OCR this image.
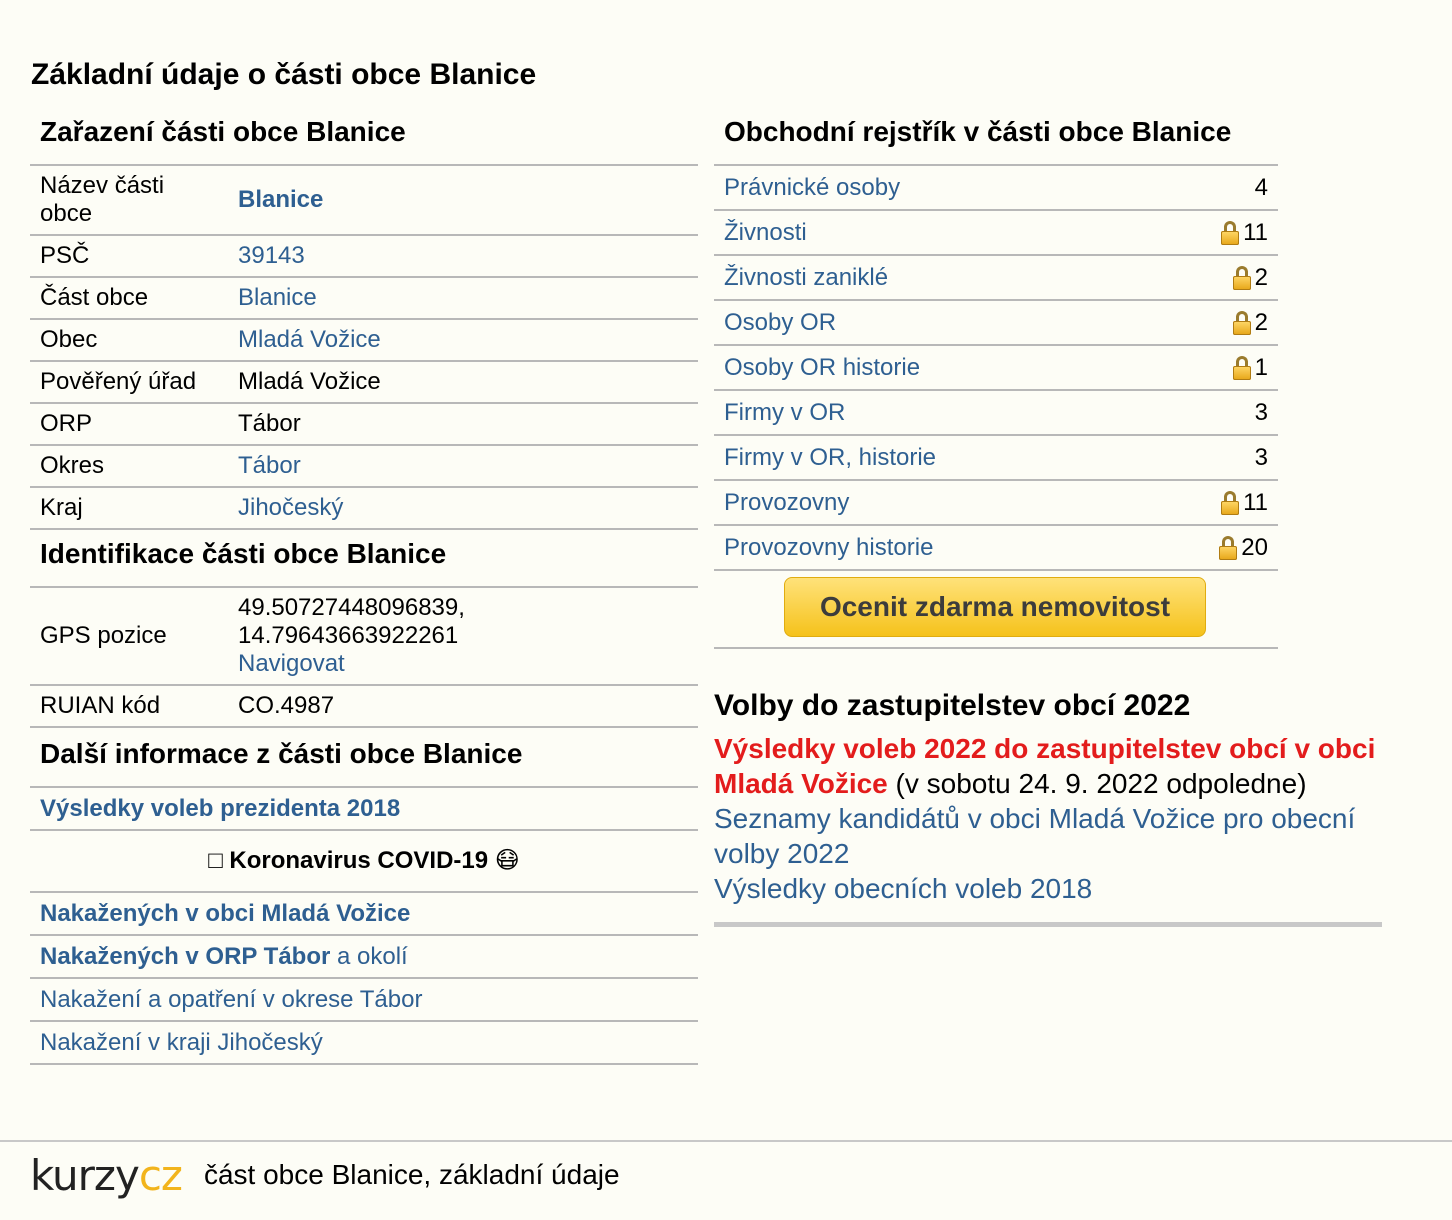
Základní údaje o části obce Blanice
Zařazení části obce Blanice
Název části obce	Blanice
PSČ	39143
Část obce	Blanice
Obec	Mladá Vožice
Pověřený úřad	Mladá Vožice
ORP	Tábor
Okres	Tábor
Kraj	Jihočeský
Identifikace části obce Blanice
GPS pozice	49.50727448096839,
14.79643663922261
Navigovat
RUIAN kód	CO.4987
Další informace z části obce Blanice
Výsledky voleb prezidenta 2018
□ Koronavirus COVID-19 😷
Nakažených v obci Mladá Vožice
Nakažených v ORP Tábor a okolí
Nakažení a opatření v okrese Tábor
Nakažení v kraji Jihočeský
Obchodní rejstřík v části obce Blanice
Právnické osoby	4
Živnosti	11
Živnosti zaniklé	2
Osoby OR	2
Osoby OR historie	1
Firmy v OR	3
Firmy v OR, historie	3
Provozovny	11
Provozovny historie	20
Ocenit zdarma nemovitost
Volby do zastupitelstev obcí 2022
Výsledky voleb 2022 do zastupitelstev obcí v obci Mladá Vožice (v sobotu 24. 9. 2022 odpoledne)
Seznamy kandidátů v obci Mladá Vožice pro obecní volby 2022
Výsledky obecních voleb 2018
kurzycz část obce Blanice, základní údaje
